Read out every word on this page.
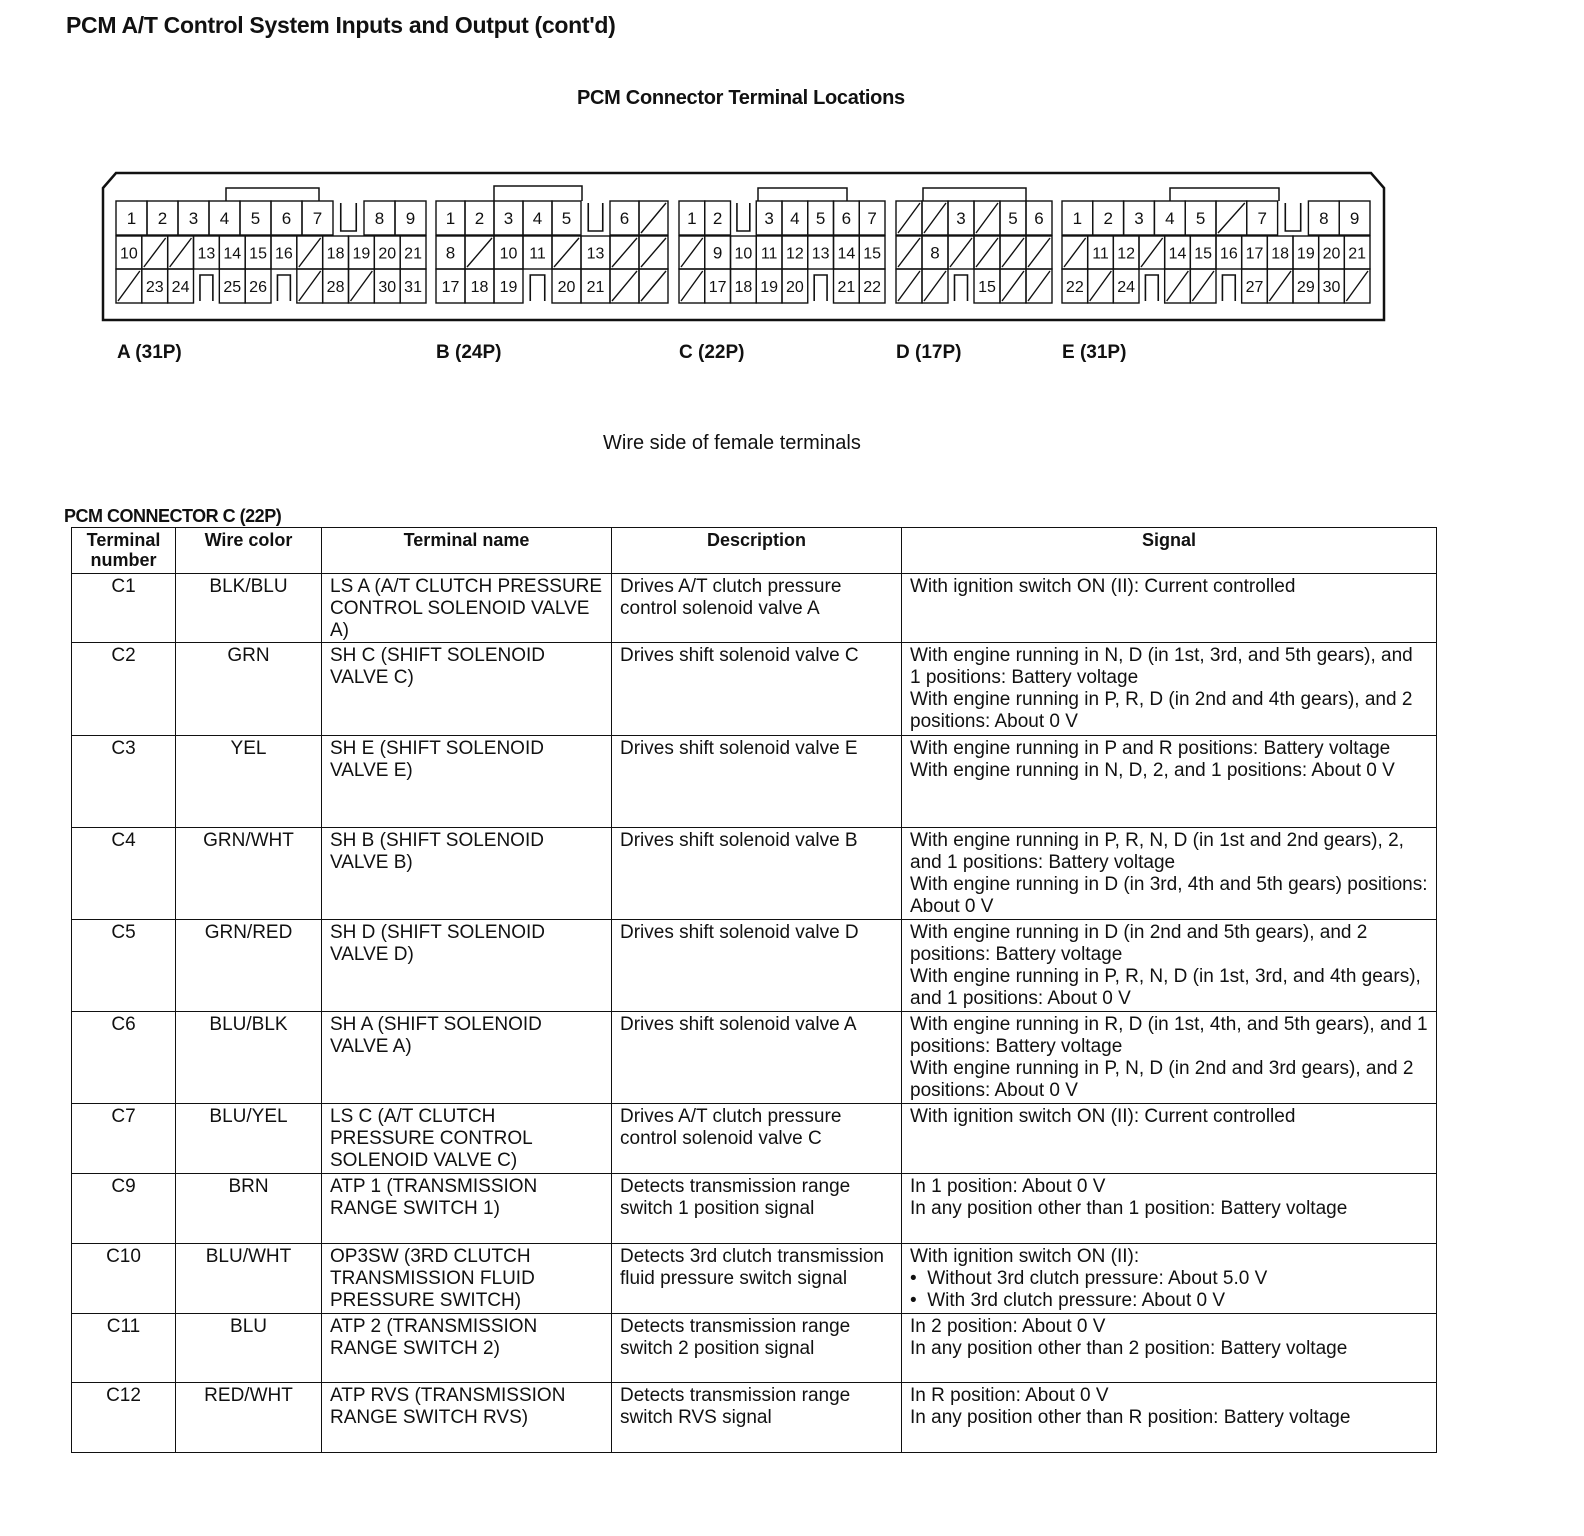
PCM A/T Control System Inputs and Output (cont'd)
PCM Connector Terminal Locations
1 2 3 4 5 6 7	8 9
10	13 14 15 16 18 19 20 21
23 24 25 26	28 30 31
1 2 3 4 5	6
8	10 11	13
17 18 19	20 21
1 2 3 4 5 6 7
9 10 11 12 13 14 15
17 18 19 20 21 22
3	5 6
8
15
1 2 3 4 5	7	8 9
11 12 14 15 16 17 18 19 20 21
22 24	27 29 30
A (31P)	B (24P)	C (22P)	D (17P)	E (31P)
Wire side of female terminals
PCM CONNECTOR C (22P)
Terminal number	Wire color	Terminal name	Description	Signal
C1	BLK/BLU	LS A (A/T CLUTCH PRESSURE CONTROL SOLENOID VALVE A)	Drives A/T clutch pressure control solenoid valve A	With ignition switch ON (II): Current controlled

C2	GRN	SH C (SHIFT SOLENOID VALVE C)	Drives shift solenoid valve C	With engine running in N, D (in 1st, 3rd, and 5th gears), and 1 positions: Battery voltage
With engine running in P, R, D (in 2nd and 4th gears), and 2 positions: About 0 V

C3	YEL	SH E (SHIFT SOLENOID VALVE E)	Drives shift solenoid valve E	With engine running in P and R positions: Battery voltage
With engine running in N, D, 2, and 1 positions: About 0 V

C4	GRN/WHT	SH B (SHIFT SOLENOID VALVE B)	Drives shift solenoid valve B	With engine running in P, R, N, D (in 1st and 2nd gears), 2, and 1 positions: Battery voltage
With engine running in D (in 3rd, 4th and 5th gears) positions: About 0 V

C5	GRN/RED	SH D (SHIFT SOLENOID VALVE D)	Drives shift solenoid valve D	With engine running in D (in 2nd and 5th gears), and 2 positions: Battery voltage
With engine running in P, R, N, D (in 1st, 3rd, and 4th gears), and 1 positions: About 0 V

C6	BLU/BLK	SH A (SHIFT SOLENOID VALVE A)	Drives shift solenoid valve A	With engine running in R, D (in 1st, 4th, and 5th gears), and 1 positions: Battery voltage
With engine running in P, N, D (in 2nd and 3rd gears), and 2 positions: About 0 V

C7	BLU/YEL	LS C (A/T CLUTCH PRESSURE CONTROL SOLENOID VALVE C)	Drives A/T clutch pressure control solenoid valve C	With ignition switch ON (II): Current controlled

C9	BRN	ATP 1 (TRANSMISSION RANGE SWITCH 1)	Detects transmission range switch 1 position signal	In 1 position: About 0 V
In any position other than 1 position: Battery voltage

C10	BLU/WHT	OP3SW (3RD CLUTCH TRANSMISSION FLUID PRESSURE SWITCH)	Detects 3rd clutch transmission fluid pressure switch signal	With ignition switch ON (II):
•  Without 3rd clutch pressure: About 5.0 V
•  With 3rd clutch pressure: About 0 V

C11	BLU	ATP 2 (TRANSMISSION RANGE SWITCH 2)	Detects transmission range switch 2 position signal	In 2 position: About 0 V
In any position other than 2 position: Battery voltage

C12	RED/WHT	ATP RVS (TRANSMISSION RANGE SWITCH RVS)	Detects transmission range switch RVS signal	In R position: About 0 V
In any position other than R position: Battery voltage
